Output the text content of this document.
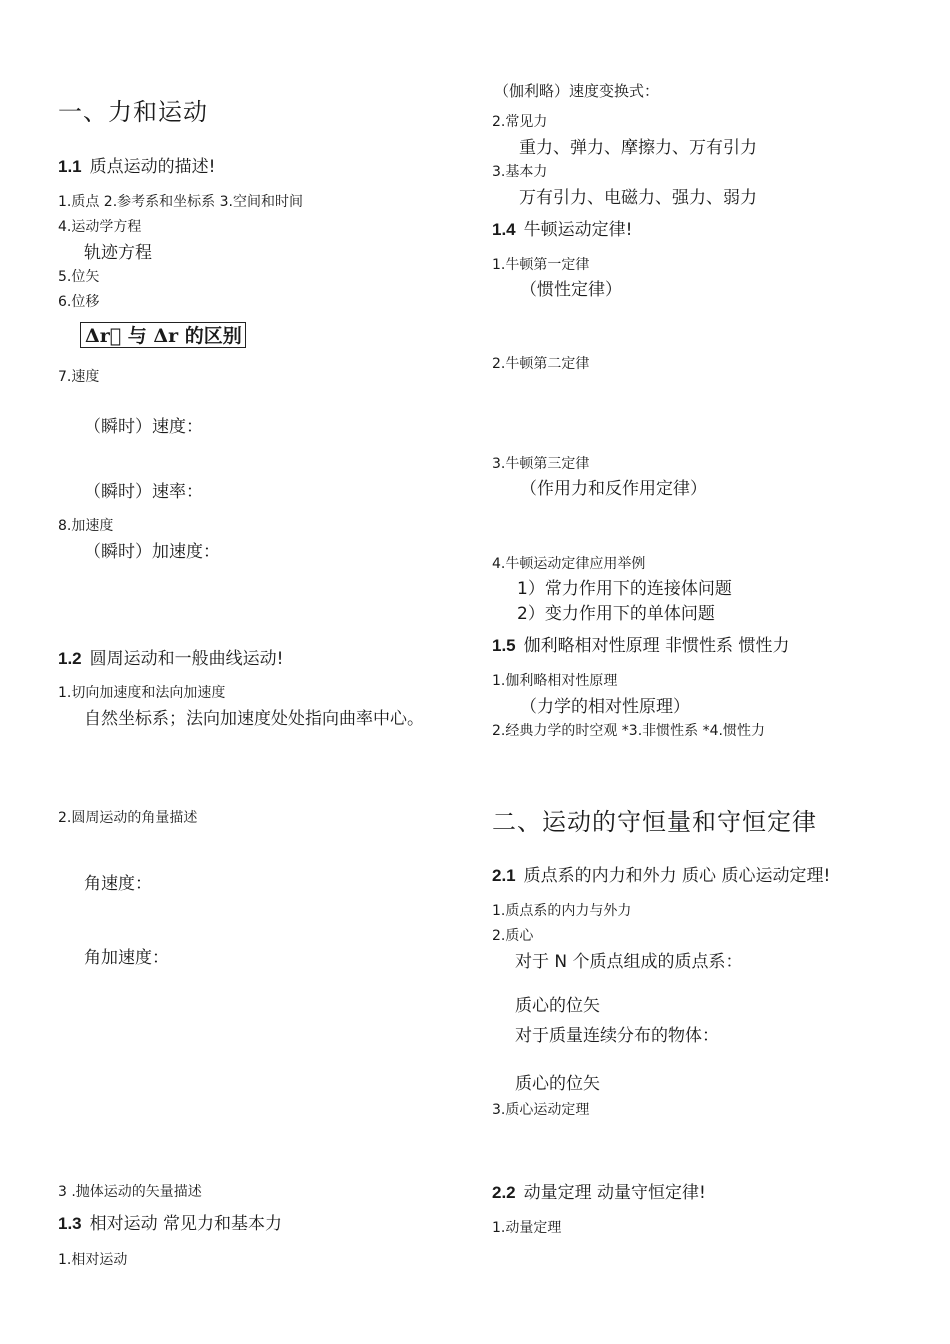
一、力和运动
1.1 质点运动的描述!
1.质点 2.参考系和坐标系 3.空间和时间
4.运动学方程
轨迹方程
5.位矢
6.位移
Δr⃗ 与 Δr 的区别
7.速度
（瞬时）速度：
（瞬时）速率：
8.加速度
（瞬时）加速度：
1.2 圆周运动和一般曲线运动!
1.切向加速度和法向加速度
自然坐标系；法向加速度处处指向曲率中心。
2.圆周运动的角量描述
角速度：
角加速度：
3 .抛体运动的矢量描述
1.3 相对运动 常见力和基本力
1.相对运动
（伽利略）速度变换式：
2.常见力
重力、弹力、摩擦力、万有引力
3.基本力
万有引力、电磁力、强力、弱力
1.4 牛顿运动定律!
1.牛顿第一定律
（惯性定律）
2.牛顿第二定律
3.牛顿第三定律
（作用力和反作用定律）
4.牛顿运动定律应用举例
1）常力作用下的连接体问题
2）变力作用下的单体问题
1.5 伽利略相对性原理 非惯性系 惯性力
1.伽利略相对性原理
（力学的相对性原理）
2.经典力学的时空观 *3.非惯性系 *4.惯性力
二、运动的守恒量和守恒定律
2.1 质点系的内力和外力 质心 质心运动定理!
1.质点系的内力与外力
2.质心
对于 N 个质点组成的质点系：
质心的位矢
对于质量连续分布的物体：
质心的位矢
3.质心运动定理
2.2 动量定理 动量守恒定律!
1.动量定理
